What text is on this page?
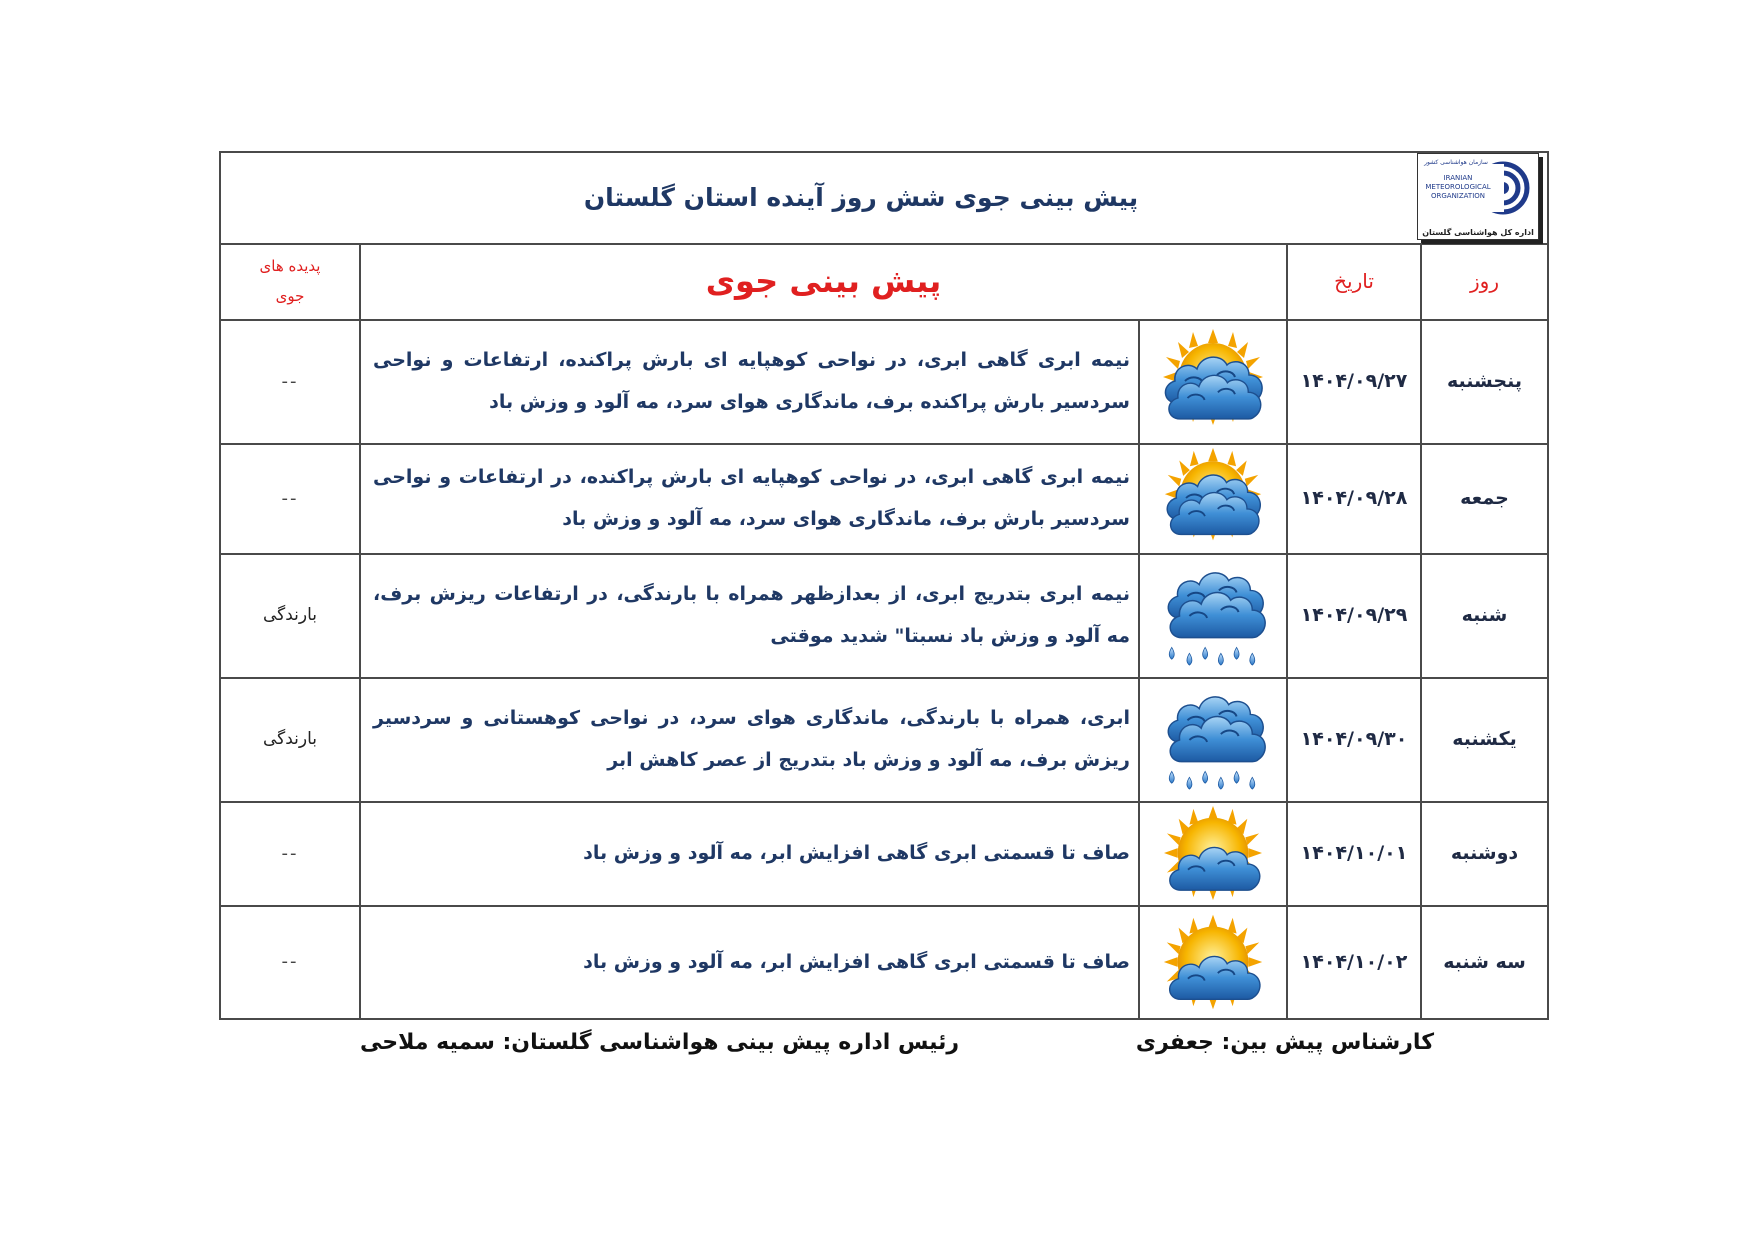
پیش بینی جوی شش روز آینده استان گلستان
سازمان هواشناسی کشور
IRANIAN
METEOROLOGICAL
ORGANIZATION
اداره کل هواشناسی گلستان
روز
تاریخ
پیش بینی جوی
پدیده های جوی
پنجشنبه
۱۴۰۴/۰۹/۲۷
نیمه ابری گاهی ابری، در نواحی کوهپایه ای بارش پراکنده، ارتفاعات و نواحی سردسیر بارش پراکنده برف، ماندگاری هوای سرد، مه آلود و وزش باد
--
جمعه
۱۴۰۴/۰۹/۲۸
نیمه ابری گاهی ابری، در نواحی کوهپایه ای بارش پراکنده، در ارتفاعات و نواحی سردسیر بارش برف، ماندگاری هوای سرد، مه آلود و وزش باد
--
شنبه
۱۴۰۴/۰۹/۲۹
نیمه ابری بتدریج ابری، از بعدازظهر همراه با بارندگی، در ارتفاعات ریزش برف، مه آلود و وزش باد نسبتا" شدید موقتی
بارندگی
یکشنبه
۱۴۰۴/۰۹/۳۰
ابری، همراه با بارندگی، ماندگاری هوای سرد، در نواحی کوهستانی و سردسیر ریزش برف، مه آلود و وزش باد بتدریج از عصر کاهش ابر
بارندگی
دوشنبه
۱۴۰۴/۱۰/۰۱
صاف تا قسمتی ابری گاهی افزایش ابر، مه آلود و وزش باد
--
سه شنبه
۱۴۰۴/۱۰/۰۲
صاف تا قسمتی ابری گاهی افزایش ابر، مه آلود و وزش باد
--
کارشناس پیش بین: جعفری
رئیس اداره پیش بینی هواشناسی گلستان: سمیه ملاحی
